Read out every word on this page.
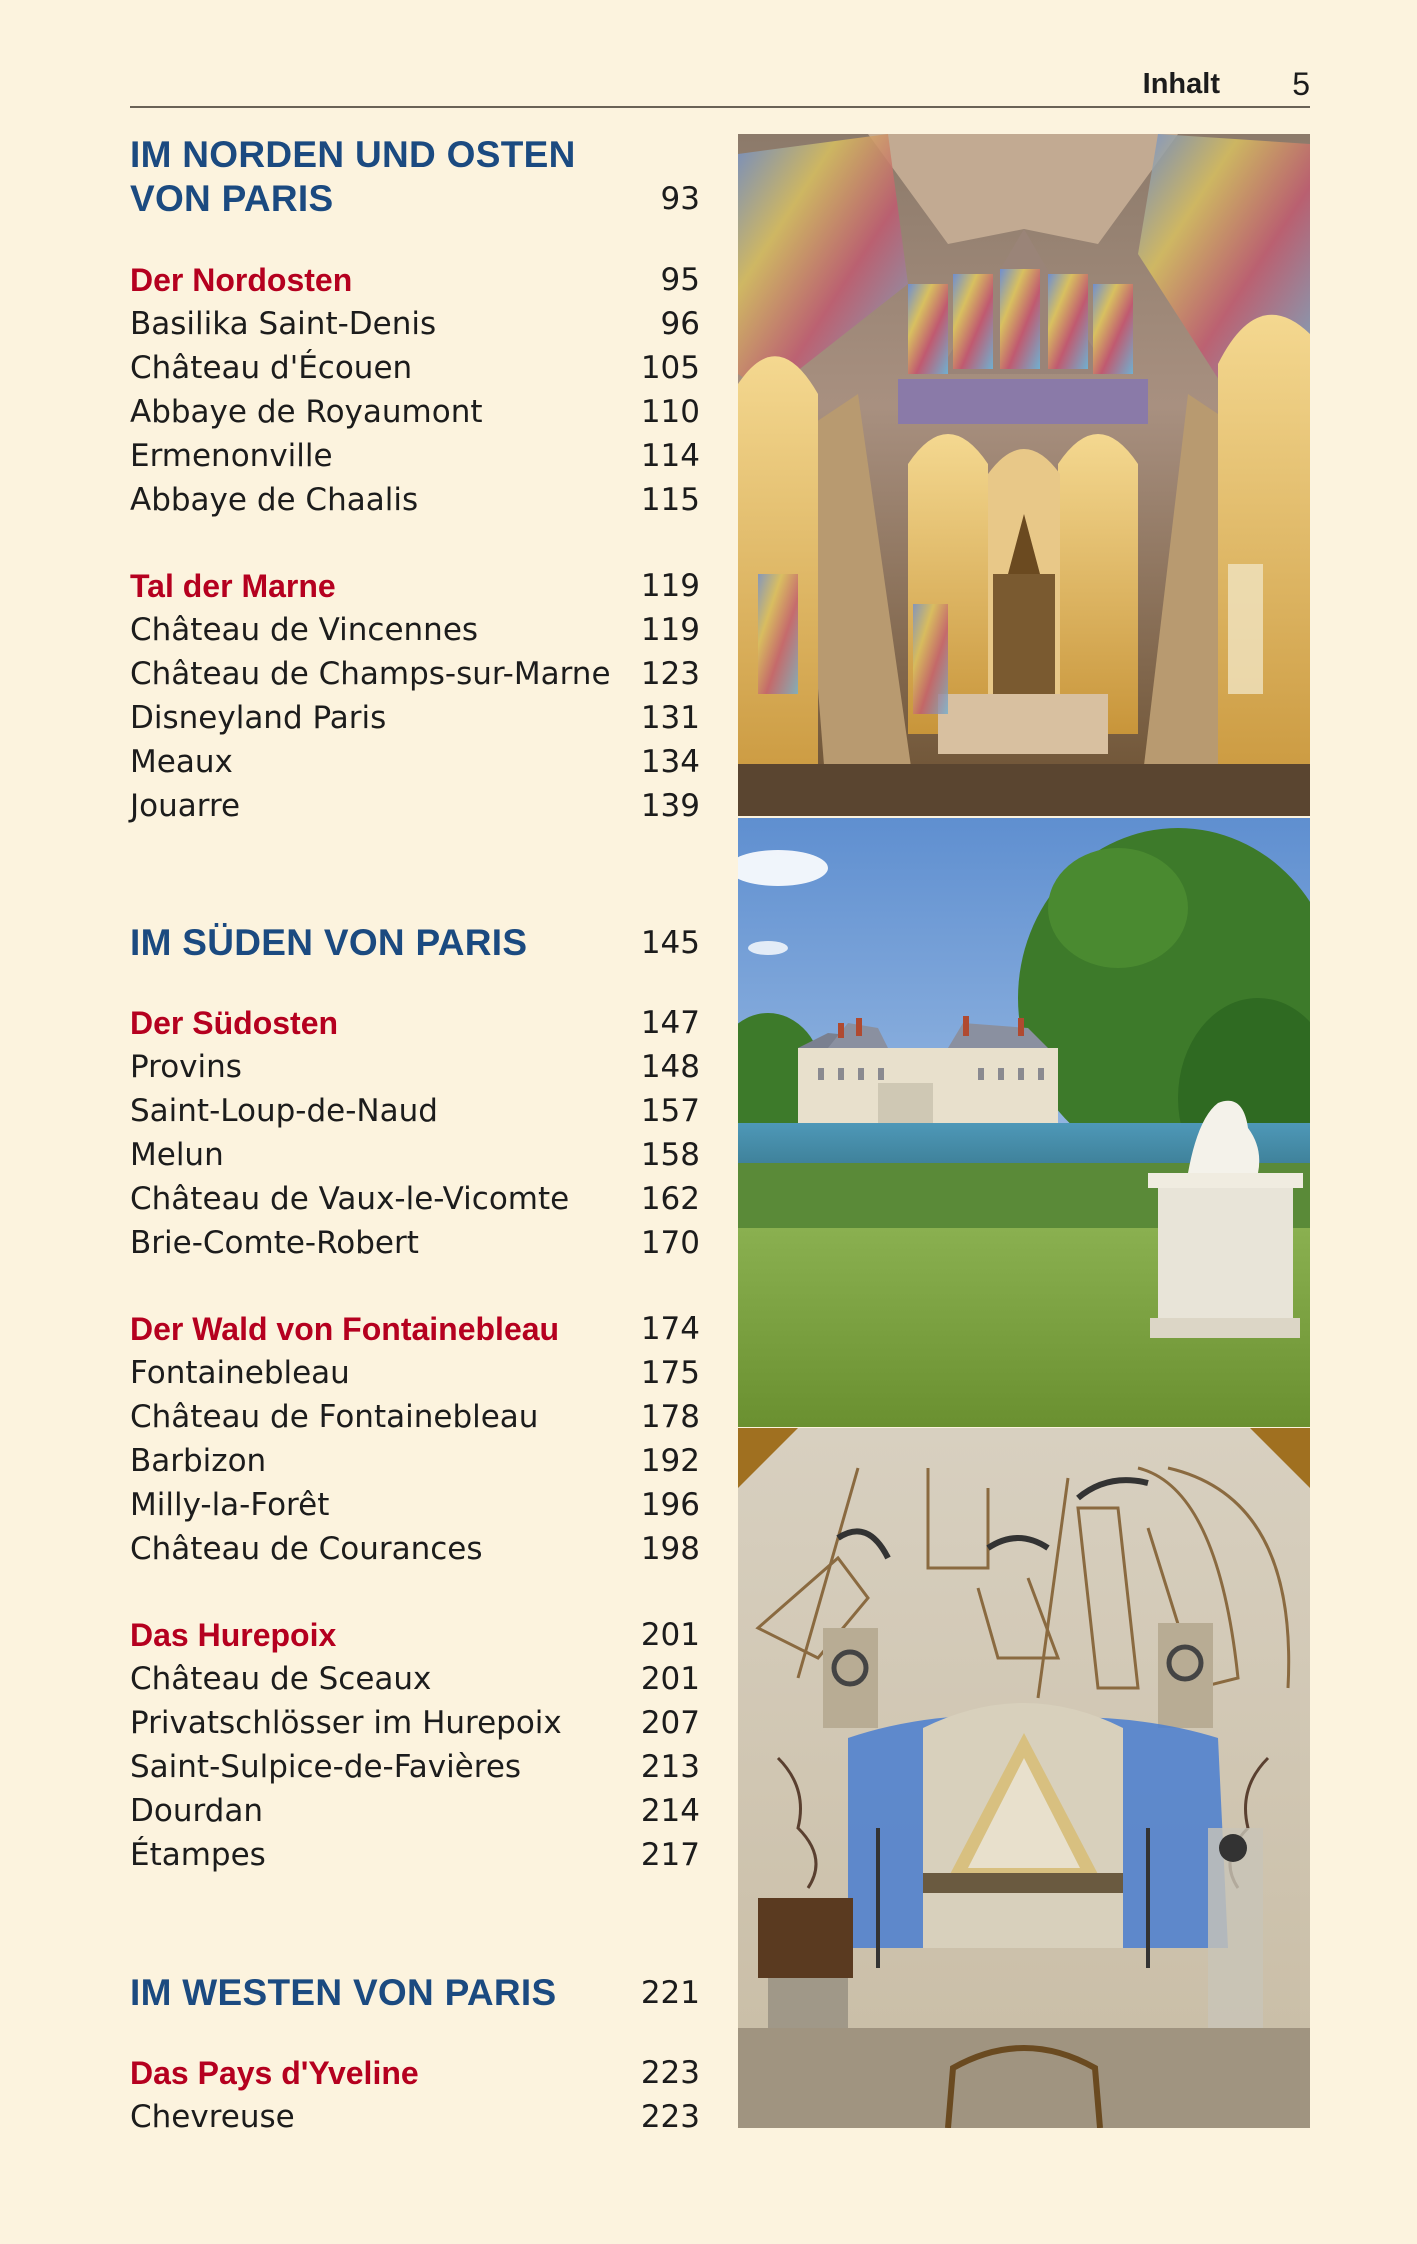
Inhalt 5
IM NORDEN UND OSTEN
VON PARIS	93
Der Nordosten	95
Basilika Saint-Denis	96
Château d'Écouen	105
Abbaye de Royaumont	110
Ermenonville	114
Abbaye de Chaalis	115
Tal der Marne	119
Château de Vincennes	119
Château de Champs-sur-Marne 123
Disneyland Paris	131
Meaux	134
Jouarre	139
IM SÜDEN VON PARIS	145
Der Südosten	147
Provins	148
Saint-Loup-de-Naud	157
Melun	158
Château de Vaux-le-Vicomte 162
Brie-Comte-Robert	170
Der Wald von Fontainebleau	174
Fontainebleau	175
Château de Fontainebleau	178
Barbizon	192
Milly-la-Forêt	196
Château de Courances	198
Das Hurepoix	201
Château de Sceaux	201
Privatschlösser im Hurepoix	207
Saint-Sulpice-de-Favières	213
Dourdan	214
Étampes	217
IM WESTEN VON PARIS	221
Das Pays d'Yveline	223
Chevreuse	223
